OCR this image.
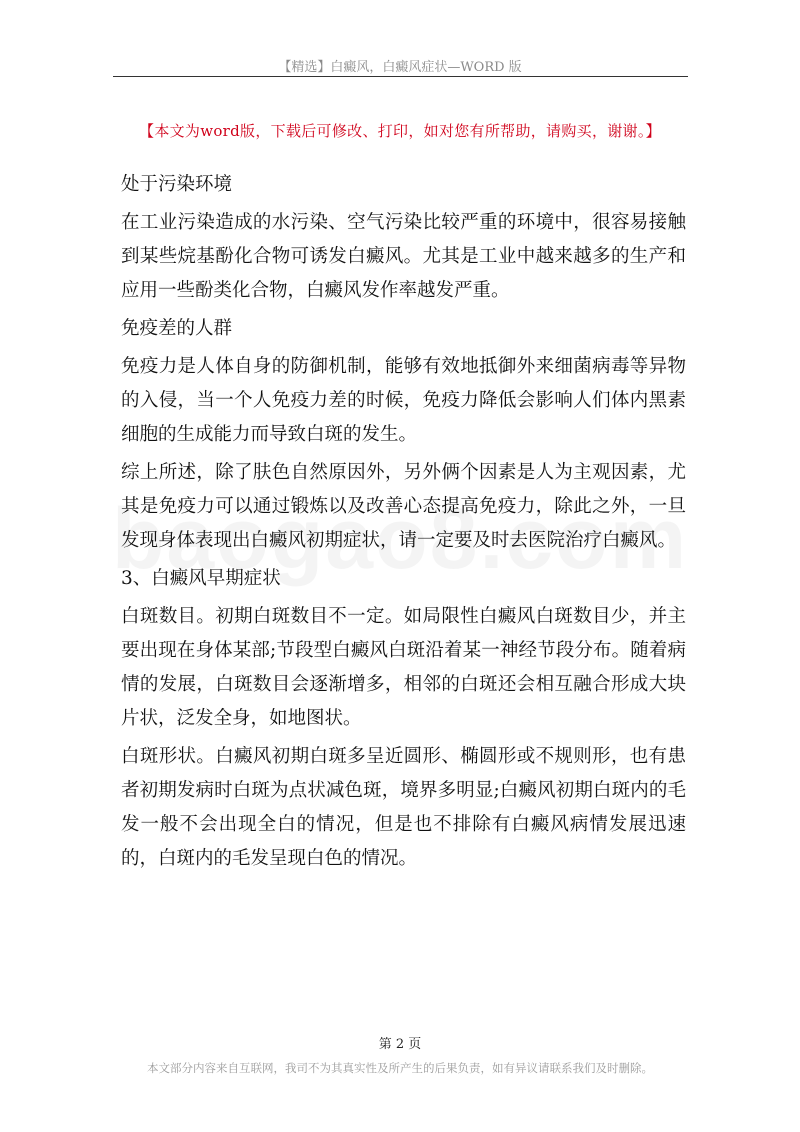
【精选】白癜风，白癜风症状—WORD 版
【本文为word版，下载后可修改、打印，如对您有所帮助，请购买，谢谢。】

处于污染环境

在工业污染造成的水污染、空气污染比较严重的环境中，很容易接触到某些烷基酚化合物可诱发白癜风。尤其是工业中越来越多的生产和应用一些酚类化合物，白癜风发作率越发严重。

免疫差的人群

免疫力是人体自身的防御机制，能够有效地抵御外来细菌病毒等异物的入侵，当一个人免疫力差的时候，免疫力降低会影响人们体内黑素细胞的生成能力而导致白斑的发生。

综上所述，除了肤色自然原因外，另外俩个因素是人为主观因素，尤其是免疫力可以通过锻炼以及改善心态提高免疫力，除此之外，一旦发现身体表现出白癜风初期症状，请一定要及时去医院治疗白癜风。

3、白癜风早期症状

白斑数目。初期白斑数目不一定。如局限性白癜风白斑数目少，并主要出现在身体某部;节段型白癜风白斑沿着某一神经节段分布。随着病情的发展，白斑数目会逐渐增多，相邻的白斑还会相互融合形成大块片状，泛发全身，如地图状。

白斑形状。白癜风初期白斑多呈近圆形、椭圆形或不规则形，也有患者初期发病时白斑为点状减色斑，境界多明显;白癜风初期白斑内的毛发一般不会出现全白的情况，但是也不排除有白癜风病情发展迅速的，白斑内的毛发呈现白色的情况。

第 2 页
本文部分内容来自互联网，我司不为其真实性及所产生的后果负责，如有异议请联系我们及时删除。
